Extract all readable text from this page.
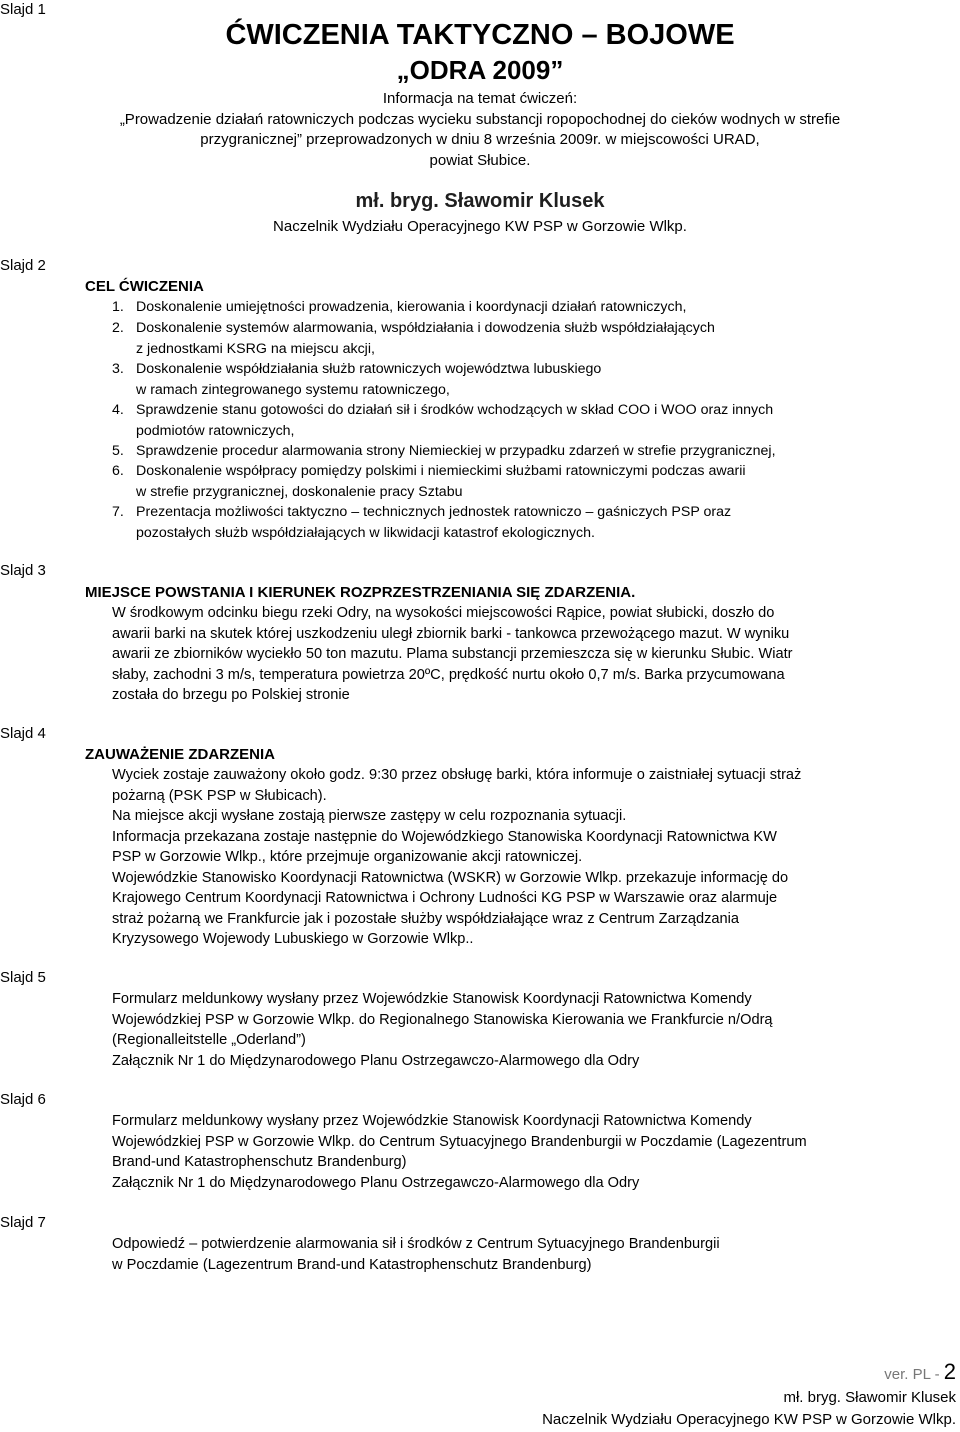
Slajd 1
Slajd 2
Slajd 3
Slajd 4
Slajd 5
Slajd 6
Slajd 7
ĆWICZENIA TAKTYCZNO – BOJOWE
„ODRA 2009”
Informacja na temat ćwiczeń:
„Prowadzenie działań ratowniczych podczas wycieku substancji ropopochodnej do cieków wodnych w strefie
przygranicznej” przeprowadzonych w dniu 8 września 2009r. w miejscowości URAD,
powiat Słubice.
mł. bryg. Sławomir Klusek
Naczelnik Wydziału Operacyjnego KW PSP w Gorzowie Wlkp.
CEL ĆWICZENIA
1. Doskonalenie umiejętności prowadzenia, kierowania i koordynacji działań ratowniczych,
2. Doskonalenie systemów alarmowania, współdziałania i dowodzenia służb współdziałających
z jednostkami KSRG na miejscu akcji,
3. Doskonalenie współdziałania służb ratowniczych województwa lubuskiego
w ramach zintegrowanego systemu ratowniczego,
4. Sprawdzenie stanu gotowości do działań sił i środków wchodzących w skład COO i WOO oraz innych
podmiotów ratowniczych,
5. Sprawdzenie procedur alarmowania strony Niemieckiej w przypadku zdarzeń w strefie przygranicznej,
6. Doskonalenie współpracy pomiędzy polskimi i niemieckimi służbami ratowniczymi podczas awarii
w strefie przygranicznej, doskonalenie pracy Sztabu
7. Prezentacja możliwości taktyczno – technicznych jednostek ratowniczo – gaśniczych PSP oraz
pozostałych służb współdziałających w likwidacji katastrof ekologicznych.
MIEJSCE POWSTANIA I KIERUNEK ROZPRZESTRZENIANIA SIĘ ZDARZENIA.
W środkowym odcinku biegu rzeki Odry, na wysokości miejscowości Rąpice, powiat słubicki, doszło do
awarii barki na skutek której uszkodzeniu uległ zbiornik barki - tankowca przewożącego mazut. W wyniku
awarii ze zbiorników wyciekło 50 ton mazutu. Plama substancji przemieszcza się w kierunku Słubic. Wiatr
słaby, zachodni 3 m/s, temperatura powietrza 20ºC, prędkość nurtu około 0,7 m/s. Barka przycumowana
została do brzegu po Polskiej stronie
ZAUWAŻENIE ZDARZENIA
Wyciek zostaje zauważony około godz. 9:30 przez obsługę barki, która informuje o zaistniałej sytuacji straż
pożarną (PSK PSP w Słubicach).
Na miejsce akcji wysłane zostają pierwsze zastępy w celu rozpoznania sytuacji.
Informacja przekazana zostaje następnie do Wojewódzkiego Stanowiska Koordynacji Ratownictwa KW
PSP w Gorzowie Wlkp., które przejmuje organizowanie akcji ratowniczej.
Wojewódzkie Stanowisko Koordynacji Ratownictwa (WSKR) w Gorzowie Wlkp. przekazuje informację do
Krajowego Centrum Koordynacji Ratownictwa i Ochrony Ludności KG PSP w Warszawie oraz alarmuje
straż pożarną we Frankfurcie jak i pozostałe służby współdziałające wraz z Centrum Zarządzania
Kryzysowego Wojewody Lubuskiego w Gorzowie Wlkp..
Formularz meldunkowy wysłany przez Wojewódzkie Stanowisk Koordynacji Ratownictwa Komendy
Wojewódzkiej PSP w Gorzowie Wlkp. do Regionalnego Stanowiska Kierowania we Frankfurcie n/Odrą
(Regionalleitstelle „Oderland”)
Załącznik Nr 1 do Międzynarodowego Planu Ostrzegawczo-Alarmowego dla Odry
Formularz meldunkowy wysłany przez Wojewódzkie Stanowisk Koordynacji Ratownictwa Komendy
Wojewódzkiej PSP w Gorzowie Wlkp. do Centrum Sytuacyjnego Brandenburgii w Poczdamie (Lagezentrum
Brand-und Katastrophenschutz Brandenburg)
Załącznik Nr 1 do Międzynarodowego Planu Ostrzegawczo-Alarmowego dla Odry
Odpowiedź – potwierdzenie alarmowania sił i środków z Centrum Sytuacyjnego Brandenburgii
w Poczdamie (Lagezentrum Brand-und Katastrophenschutz Brandenburg)
ver. PL - 2
mł. bryg. Sławomir Klusek
Naczelnik Wydziału Operacyjnego KW PSP w Gorzowie Wlkp.
